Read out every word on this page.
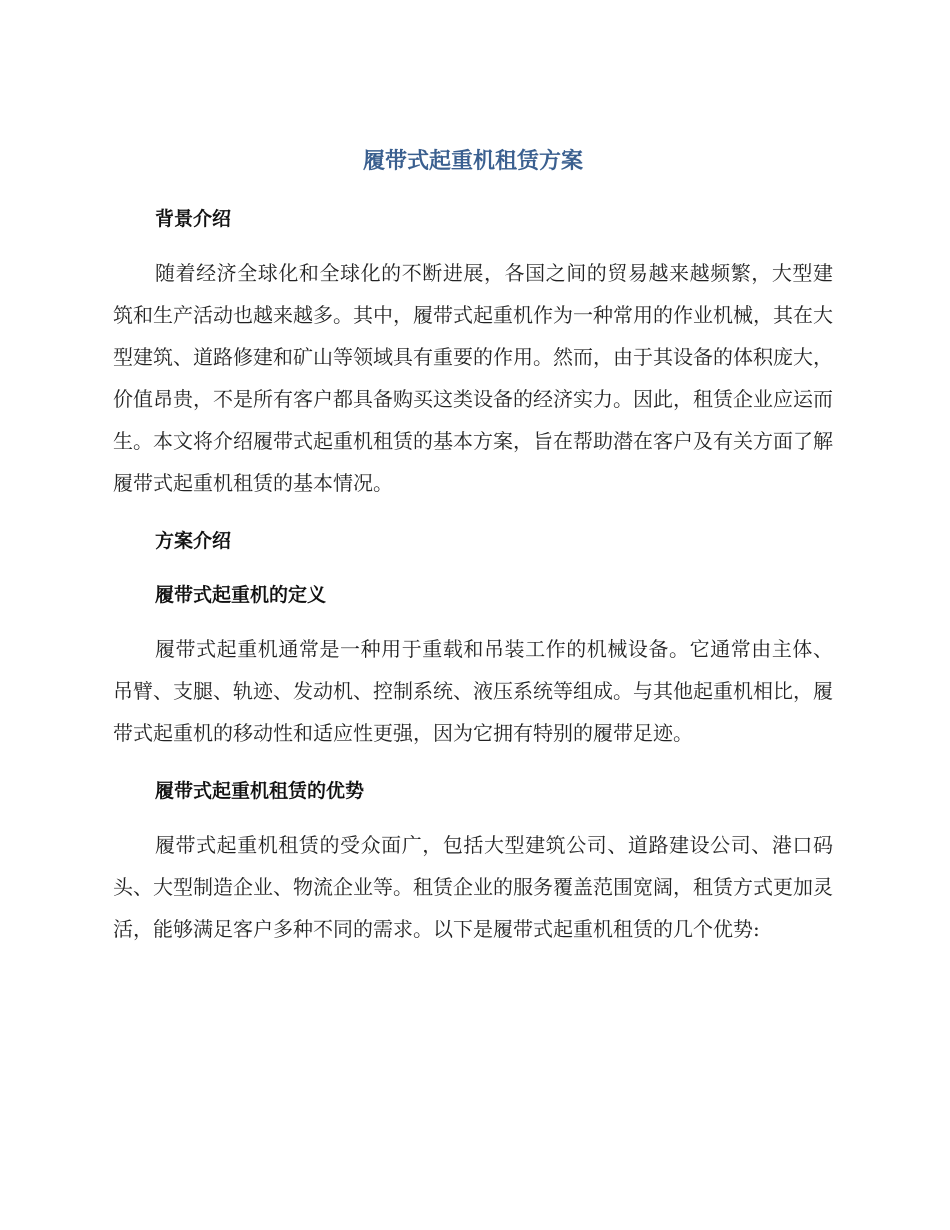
履带式起重机租赁方案
背景介绍

随着经济全球化和全球化的不断进展，各国之间的贸易越来越频繁，大型建筑和生产活动也越来越多。其中，履带式起重机作为一种常用的作业机械，其在大型建筑、道路修建和矿山等领域具有重要的作用。然而，由于其设备的体积庞大，价值昂贵，不是所有客户都具备购买这类设备的经济实力。因此，租赁企业应运而生。本文将介绍履带式起重机租赁的基本方案，旨在帮助潜在客户及有关方面了解履带式起重机租赁的基本情况。

方案介绍
履带式起重机的定义

履带式起重机通常是一种用于重载和吊装工作的机械设备。它通常由主体、吊臂、支腿、轨迹、发动机、控制系统、液压系统等组成。与其他起重机相比，履带式起重机的移动性和适应性更强，因为它拥有特别的履带足迹。

履带式起重机租赁的优势

履带式起重机租赁的受众面广，包括大型建筑公司、道路建设公司、港口码头、大型制造企业、物流企业等。租赁企业的服务覆盖范围宽阔，租赁方式更加灵活，能够满足客户多种不同的需求。以下是履带式起重机租赁的几个优势:
